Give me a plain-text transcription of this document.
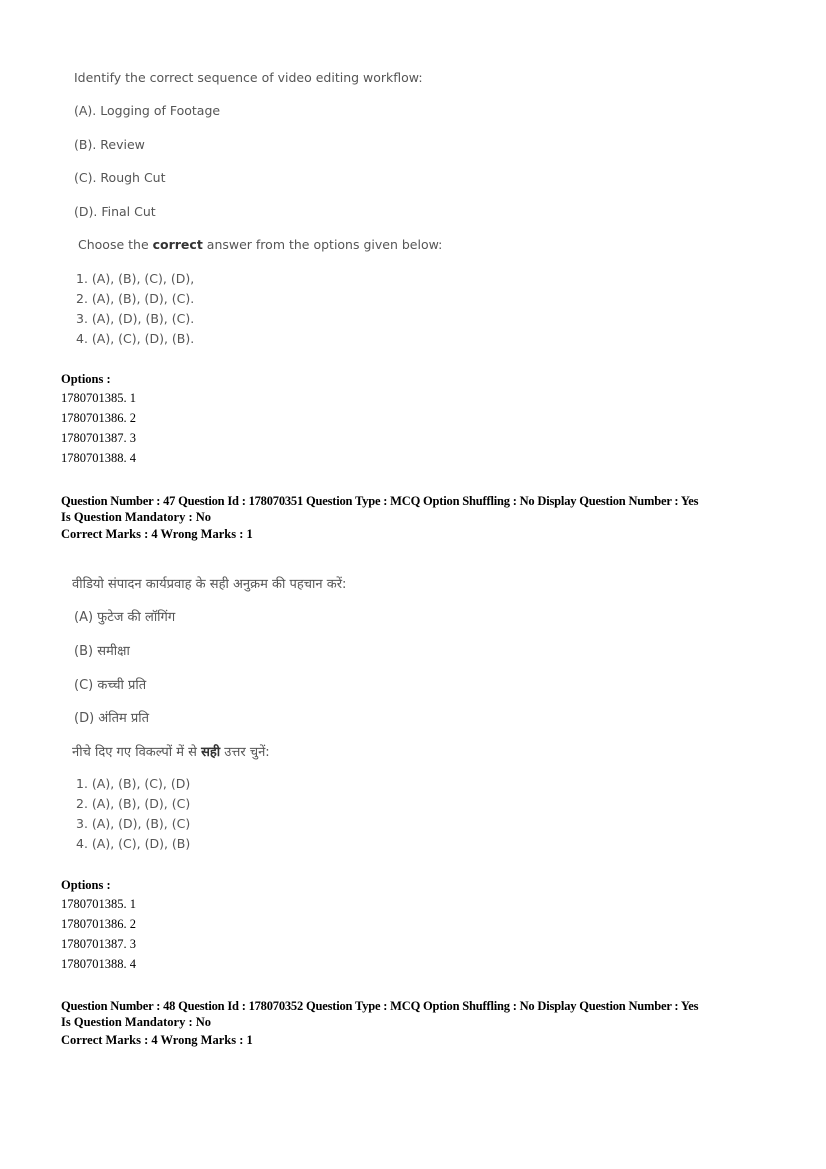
Identify the correct sequence of video editing workflow:
(A). Logging of Footage
(B). Review
(C). Rough Cut
(D). Final Cut
Choose the correct answer from the options given below:
1. (A), (B), (C), (D),
2. (A), (B), (D), (C).
3. (A), (D), (B), (C).
4. (A), (C), (D), (B).
Options :
1780701385. 1
1780701386. 2
1780701387. 3
1780701388. 4
Question Number : 47 Question Id : 178070351 Question Type : MCQ Option Shuffling : No Display Question Number : Yes
Is Question Mandatory : No
Correct Marks : 4 Wrong Marks : 1
वीडियो संपादन कार्यप्रवाह के सही अनुक्रम की पहचान करें:
(A) फुटेज की लॉगिंग
(B) समीक्षा
(C) कच्ची प्रति
(D) अंतिम प्रति
नीचे दिए गए विकल्पों में से सही उत्तर चुनें:
1. (A), (B), (C), (D)
2. (A), (B), (D), (C)
3. (A), (D), (B), (C)
4. (A), (C), (D), (B)
Options :
1780701385. 1
1780701386. 2
1780701387. 3
1780701388. 4
Question Number : 48 Question Id : 178070352 Question Type : MCQ Option Shuffling : No Display Question Number : Yes
Is Question Mandatory : No
Correct Marks : 4 Wrong Marks : 1
